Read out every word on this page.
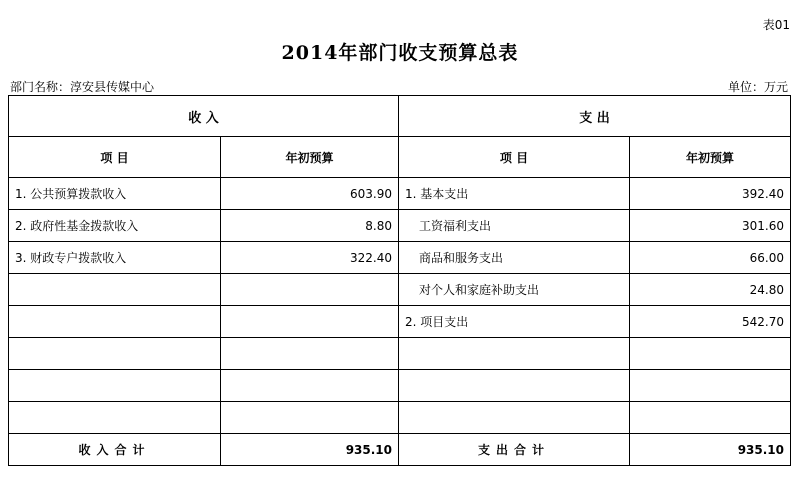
表01
2014年部门收支预算总表
部门名称：淳安县传媒中心	单位：万元
收 入		支 出	
项 目	年初预算	项 目	年初预算
1. 公共预算拨款收入	603.90	1. 基本支出	392.40
2. 政府性基金拨款收入	8.80	工资福利支出	301.60
3. 财政专户拨款收入	322.40	商品和服务支出	66.00
		对个人和家庭补助支出	24.80
		2. 项目支出	542.70

收入合计	935.10	支出合计	935.10
